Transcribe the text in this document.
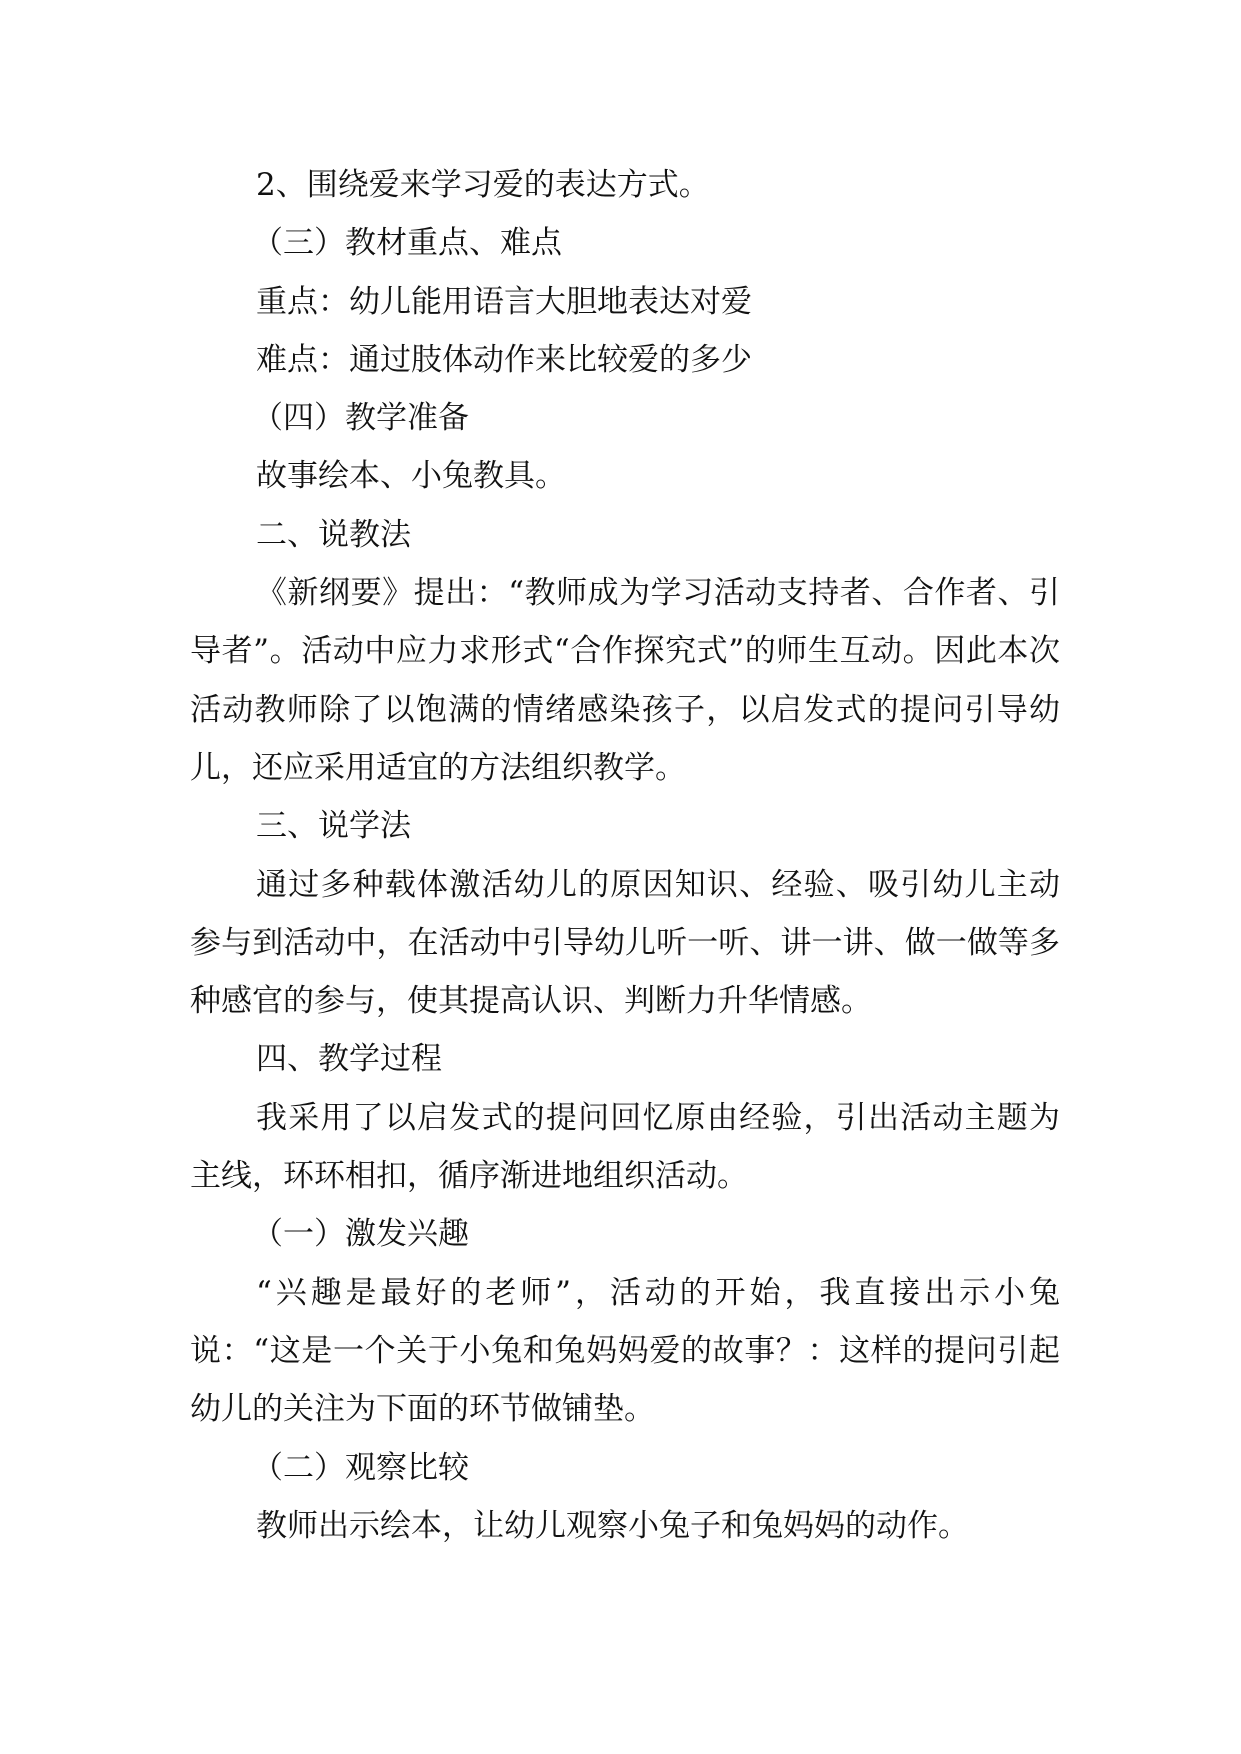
2、围绕爱来学习爱的表达方式。
（三）教材重点、难点
重点：幼儿能用语言大胆地表达对爱
难点：通过肢体动作来比较爱的多少
（四）教学准备
故事绘本、小兔教具。
二、说教法
《新纲要》提出：“教师成为学习活动支持者、合作者、引导者”。活动中应力求形式“合作探究式”的师生互动。因此本次活动教师除了以饱满的情绪感染孩子，以启发式的提问引导幼儿，还应采用适宜的方法组织教学。
三、说学法
通过多种载体激活幼儿的原因知识、经验、吸引幼儿主动参与到活动中，在活动中引导幼儿听一听、讲一讲、做一做等多种感官的参与，使其提高认识、判断力升华情感。
四、教学过程
我采用了以启发式的提问回忆原由经验，引出活动主题为主线，环环相扣，循序渐进地组织活动。
（一）激发兴趣
“兴趣是最好的老师”，活动的开始，我直接出示小兔说：“这是一个关于小兔和兔妈妈爱的故事？：这样的提问引起幼儿的关注为下面的环节做铺垫。
（二）观察比较
教师出示绘本，让幼儿观察小兔子和兔妈妈的动作。
